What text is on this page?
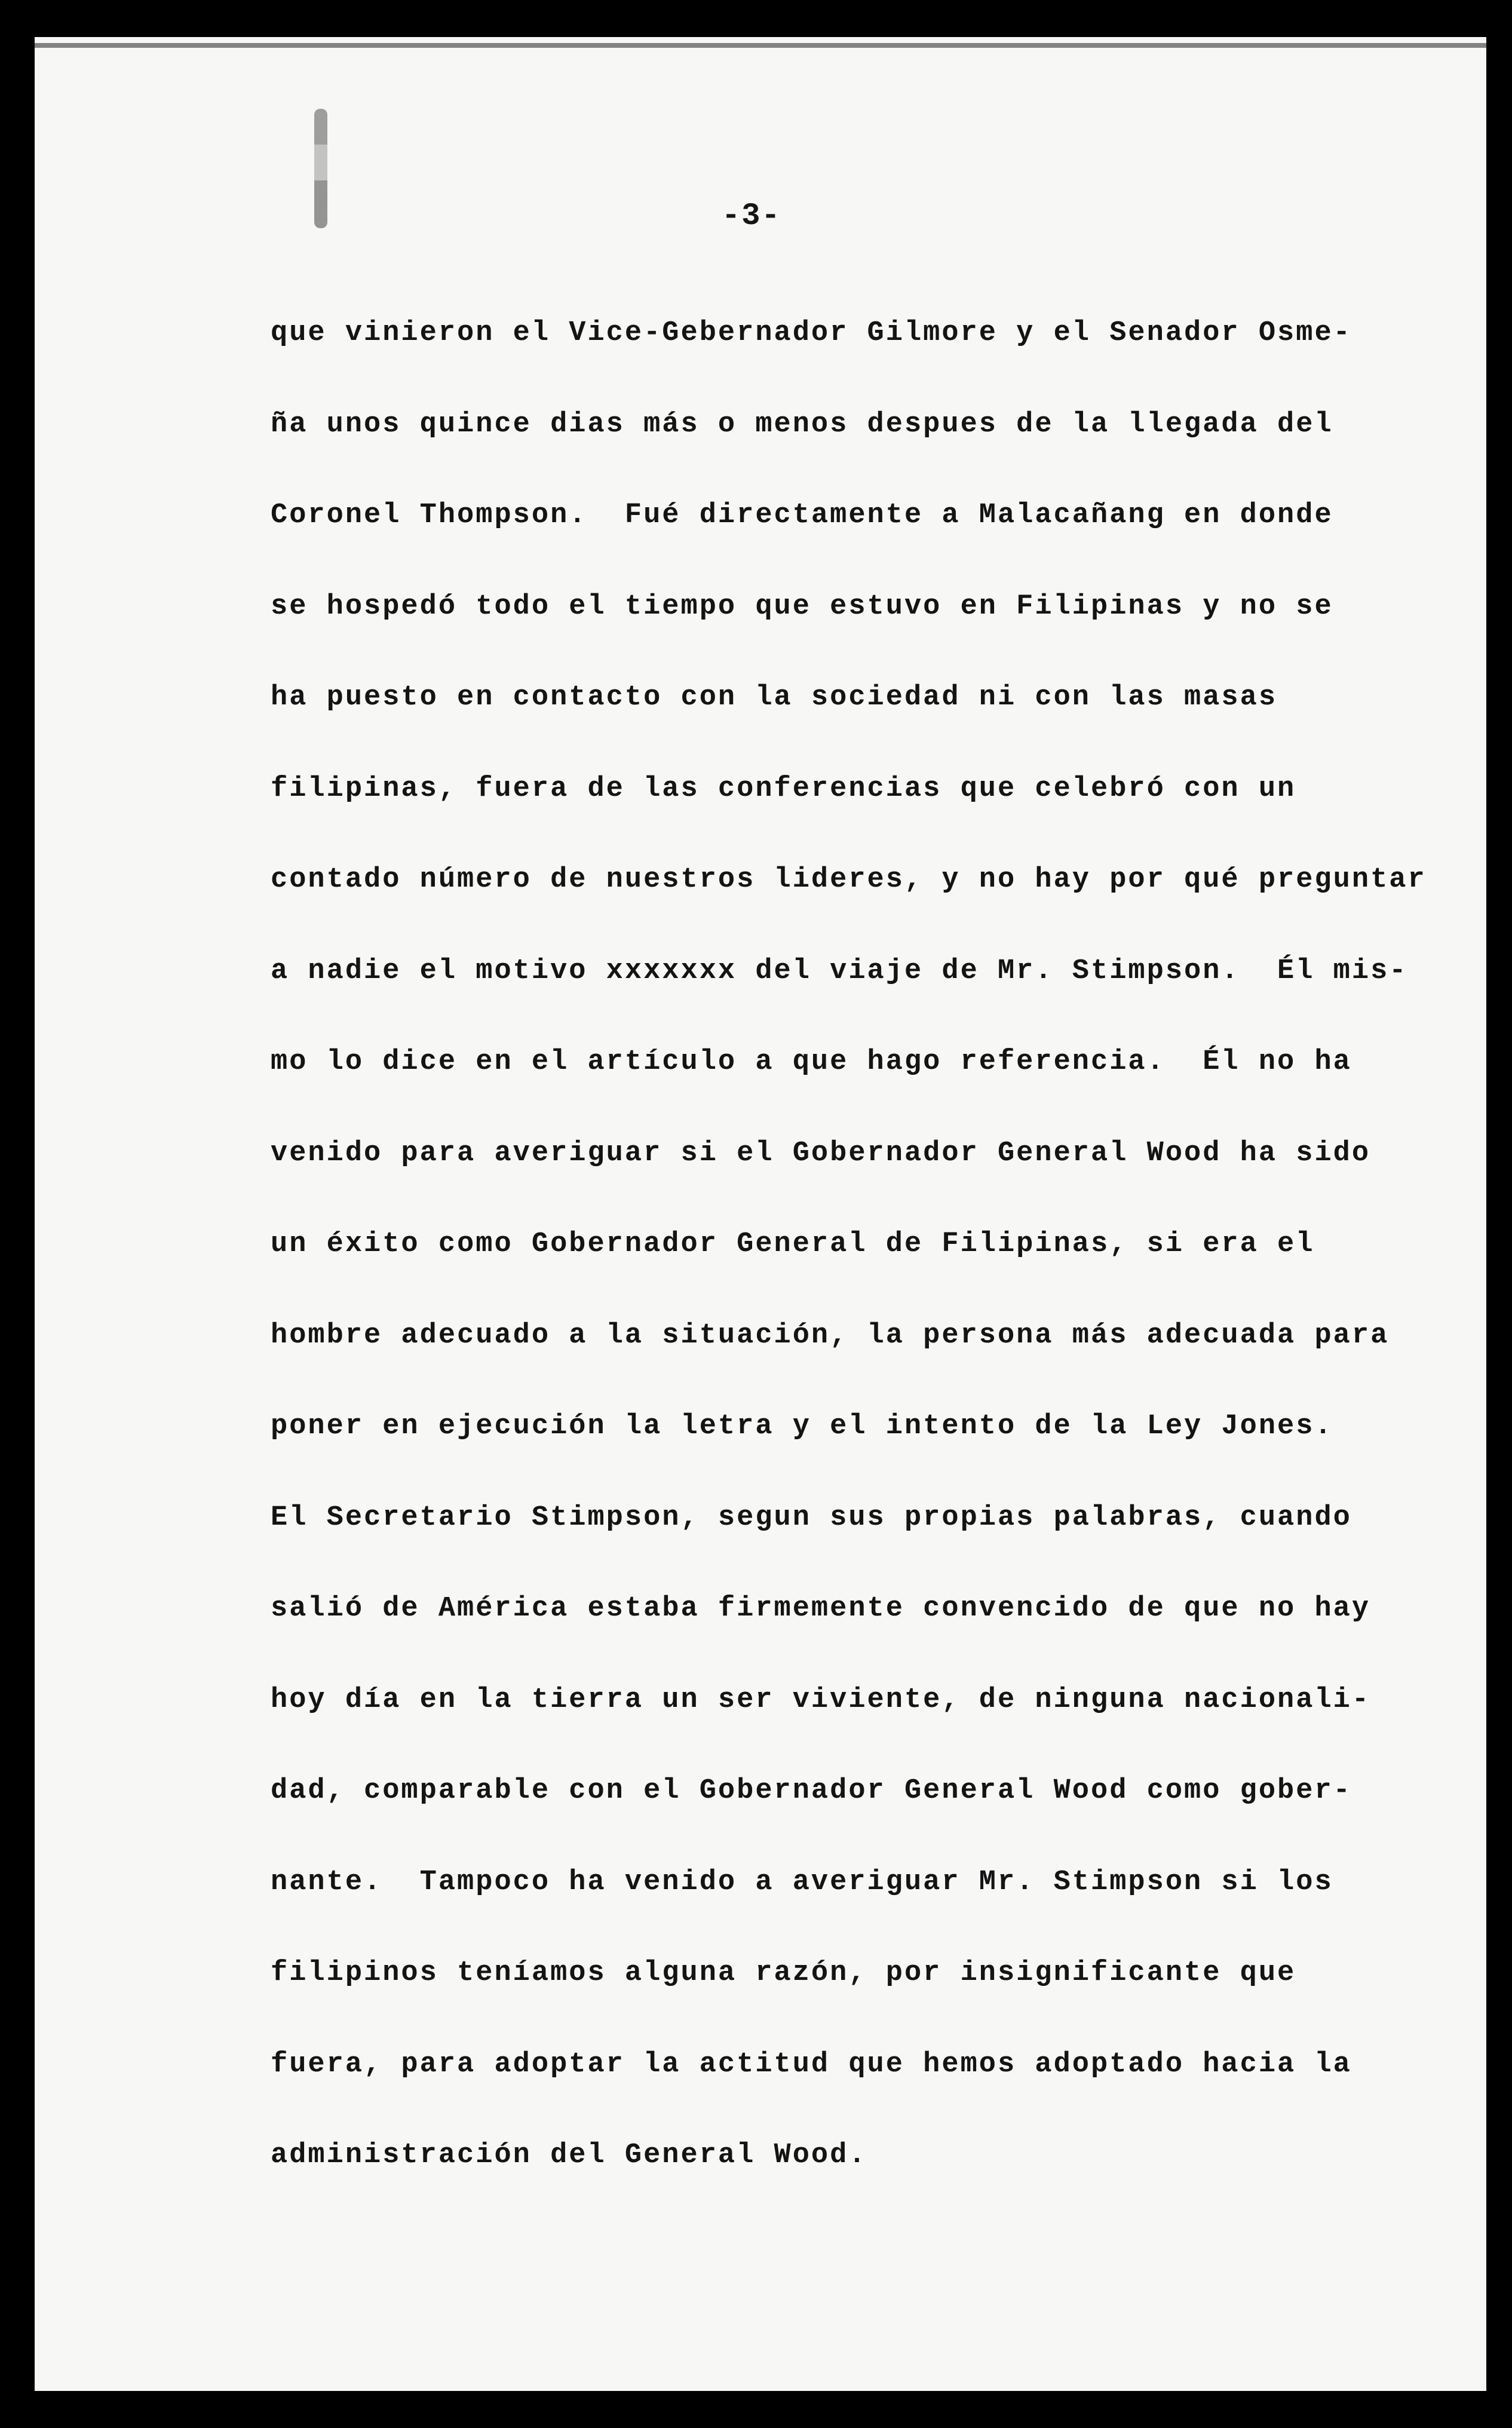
-3-
que vinieron el Vice-Gebernador Gilmore y el Senador Osme-
ña unos quince dias más o menos despues de la llegada del
Coronel Thompson.  Fué directamente a Malacañang en donde
se hospedó todo el tiempo que estuvo en Filipinas y no se
ha puesto en contacto con la sociedad ni con las masas
filipinas, fuera de las conferencias que celebró con un
contado número de nuestros lideres, y no hay por qué preguntar
a nadie el motivo xxxxxxx del viaje de Mr. Stimpson.  Él mis-
mo lo dice en el artículo a que hago referencia.  Él no ha
venido para averiguar si el Gobernador General Wood ha sido
un éxito como Gobernador General de Filipinas, si era el
hombre adecuado a la situación, la persona más adecuada para
poner en ejecución la letra y el intento de la Ley Jones.
El Secretario Stimpson, segun sus propias palabras, cuando
salió de América estaba firmemente convencido de que no hay
hoy día en la tierra un ser viviente, de ninguna nacionali-
dad, comparable con el Gobernador General Wood como gober-
nante.  Tampoco ha venido a averiguar Mr. Stimpson si los
filipinos teníamos alguna razón, por insignificante que
fuera, para adoptar la actitud que hemos adoptado hacia la
administración del General Wood.
